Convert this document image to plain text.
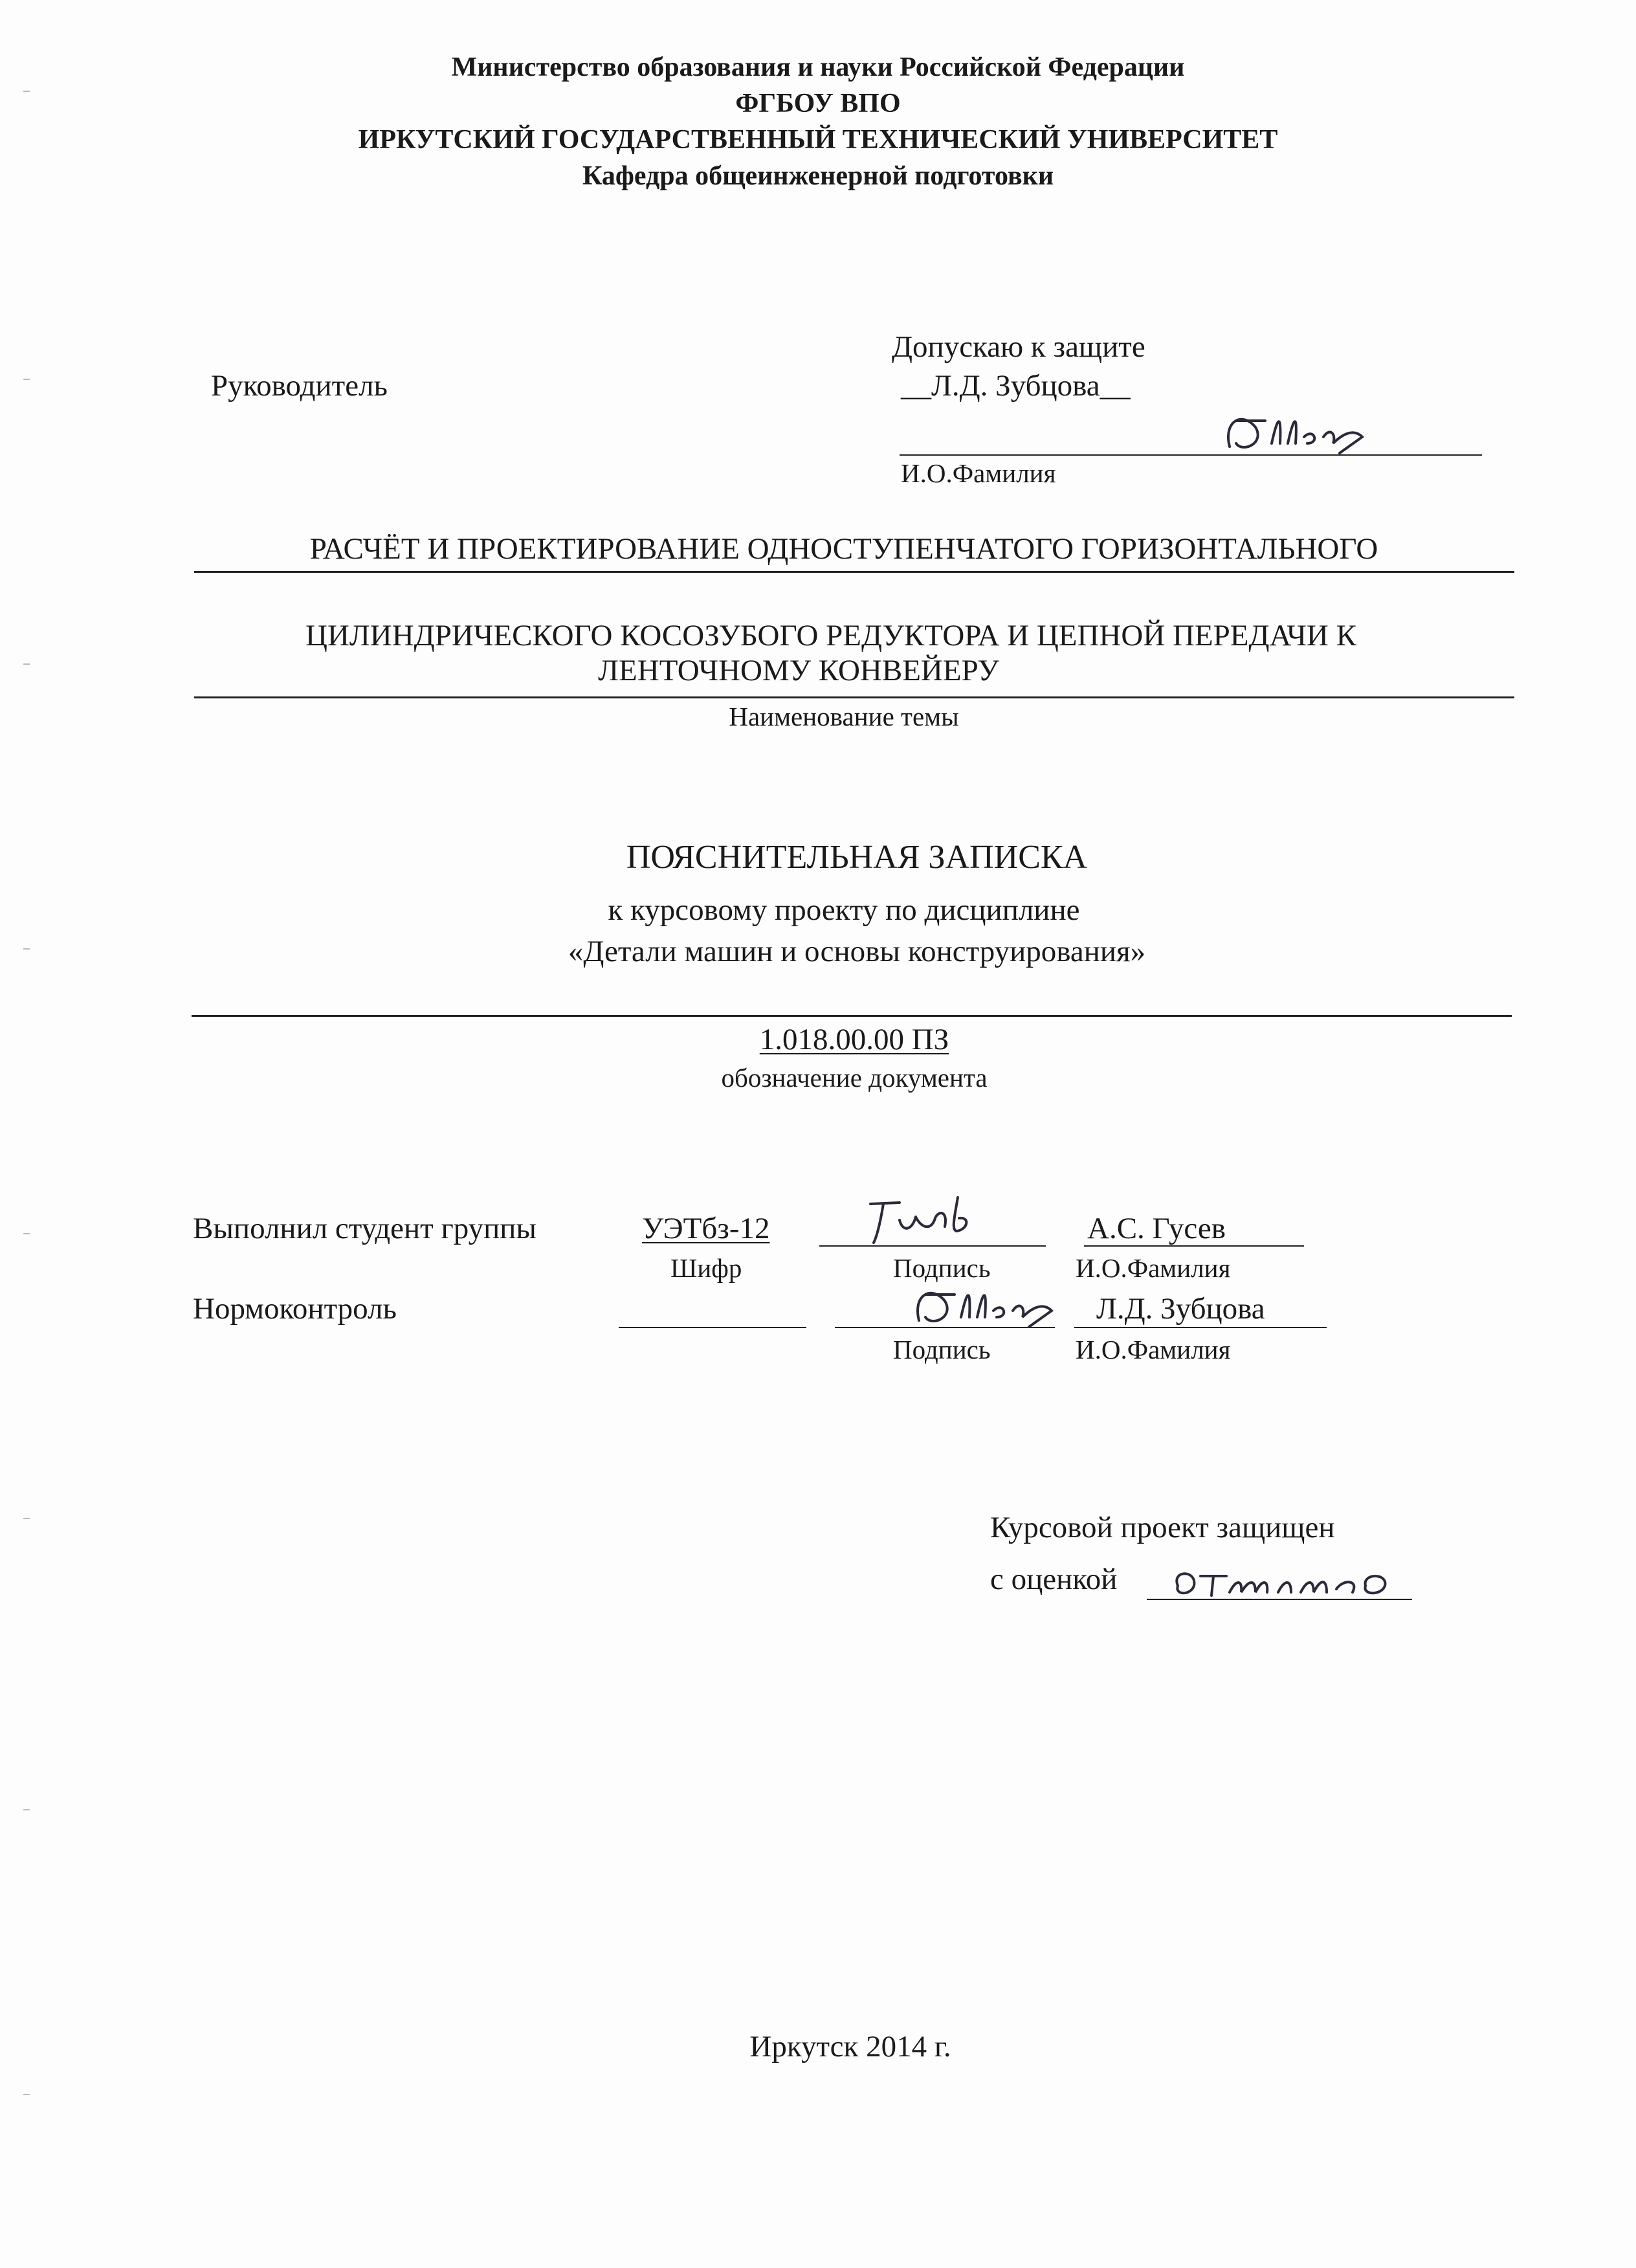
Министерство образования и науки Российской Федерации
ФГБОУ ВПО
ИРКУТСКИЙ ГОСУДАРСТВЕННЫЙ ТЕХНИЧЕСКИЙ УНИВЕРСИТЕТ
Кафедра общеинженерной подготовки
Руководитель
Допускаю к защите
__Л.Д. Зубцова__
И.О.Фамилия
РАСЧЁТ И ПРОЕКТИРОВАНИЕ ОДНОСТУПЕНЧАТОГО ГОРИЗОНТАЛЬНОГО
ЦИЛИНДРИЧЕСКОГО КОСОЗУБОГО РЕДУКТОРА И ЦЕПНОЙ ПЕРЕДАЧИ К
ЛЕНТОЧНОМУ КОНВЕЙЕРУ
Наименование темы
ПОЯСНИТЕЛЬНАЯ ЗАПИСКА
к курсовому проекту по дисциплине
«Детали машин и основы конструирования»
1.018.00.00 ПЗ
обозначение документа
Выполнил студент группы	УЭТбз-12	А.С. Гусев
Шифр	Подпись	И.О.Фамилия
Нормоконтроль	Л.Д. Зубцова
Подпись	И.О.Фамилия
Курсовой проект защищен
с оценкой
Иркутск 2014 г.
